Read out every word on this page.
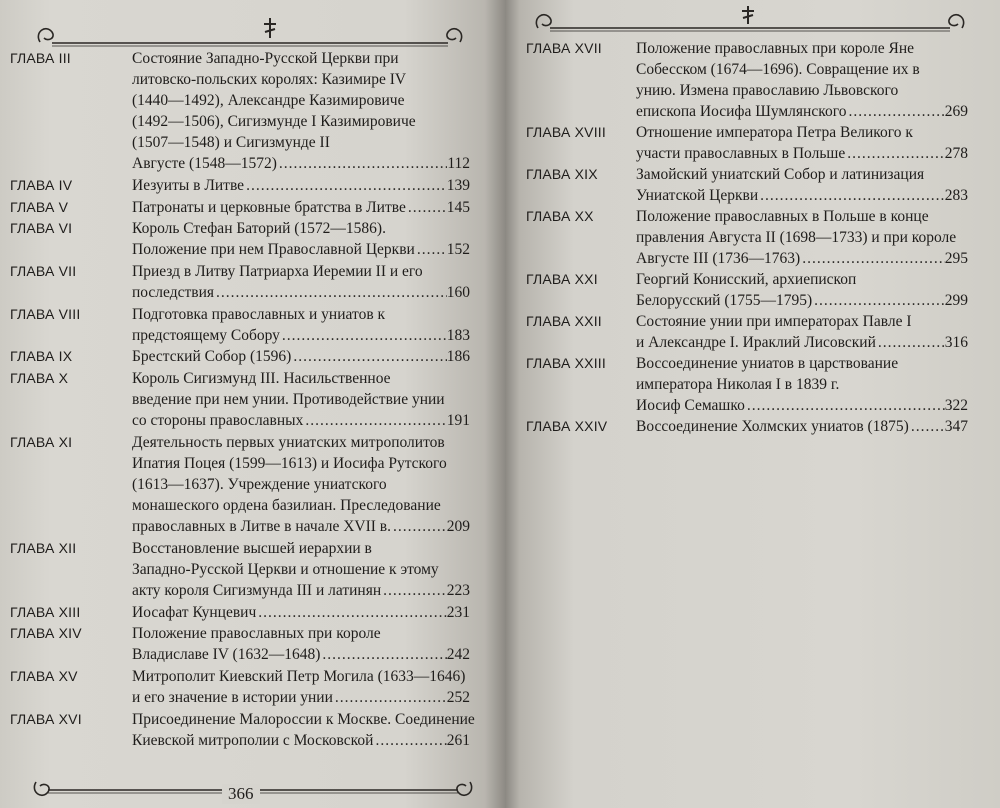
366
ГЛАВА III	Состояние Западно-Русской Церкви при
литовско-польских королях: Казимире IV
(1440—1492), Александре Казимировиче
(1492—1506), Сигизмунде I Казимировиче
(1507—1548) и Сигизмунде II
Августе (1548—1572) .....	112
ГЛАВА IV	Иезуиты в Литве .....	139
ГЛАВА V	Патронаты и церковные братства в Литве .....	145
ГЛАВА VI	Король Стефан Баторий (1572—1586).
Положение при нем Православной Церкви ..... 152
ГЛАВА VII	Приезд в Литву Патриарха Иеремии II и его
последствия .....	160
ГЛАВА VIII	Подготовка православных и униатов к
предстоящему Собору .....	183
ГЛАВА IX	Брестский Собор (1596) .....	186
ГЛАВА X	Король Сигизмунд III. Насильственное
введение при нем унии. Противодействие унии
со стороны православных .....	191
ГЛАВА XI	Деятельность первых униатских митрополитов
Ипатия Поцея (1599—1613) и Иосифа Рутского
(1613—1637). Учреждение униатского
монашеского ордена базилиан. Преследование
православных в Литве в начале XVII в. .....	209
ГЛАВА XII	Восстановление высшей иерархии в
Западно-Русской Церкви и отношение к этому
акту короля Сигизмунда III и латинян .....	223
ГЛАВА XIII	Иосафат Кунцевич .....	231
ГЛАВА XIV	Положение православных при короле
Владиславе IV (1632—1648) .....	242
ГЛАВА XV	Митрополит Киевский Петр Могила (1633—1646)
и его значение в истории унии .....	252
ГЛАВА XVI	Присоединение Малороссии к Москве. Соединение
Киевской митрополии с Московской .....	261
ГЛАВА XVII Положение православных при короле Яне
Собесском (1674—1696). Совращение их в
унию. Измена православию Львовского
епископа Иосифа Шумлянского .....	269
ГЛАВА XVIII Отношение императора Петра Великого к
участи православных в Польше .....	278
ГЛАВА XIX Замойский униатский Собор и латинизация
Униатской Церкви .....	283
ГЛАВА XX	Положение православных в Польше в конце
правления Августа II (1698—1733) и при короле
Августе III (1736—1763) .....	295
ГЛАВА XXI Георгий Конисский, архиепископ
Белорусский (1755—1795) .....	299
ГЛАВА XXII Состояние унии при императорах Павле I
и Александре I. Ираклий Лисовский .....	316
ГЛАВА XXIII Воссоединение униатов в царствование
императора Николая I в 1839 г.
Иосиф Семашко .....	322
ГЛАВА XXIV Воссоединение Холмских униатов (1875) ..... 347
